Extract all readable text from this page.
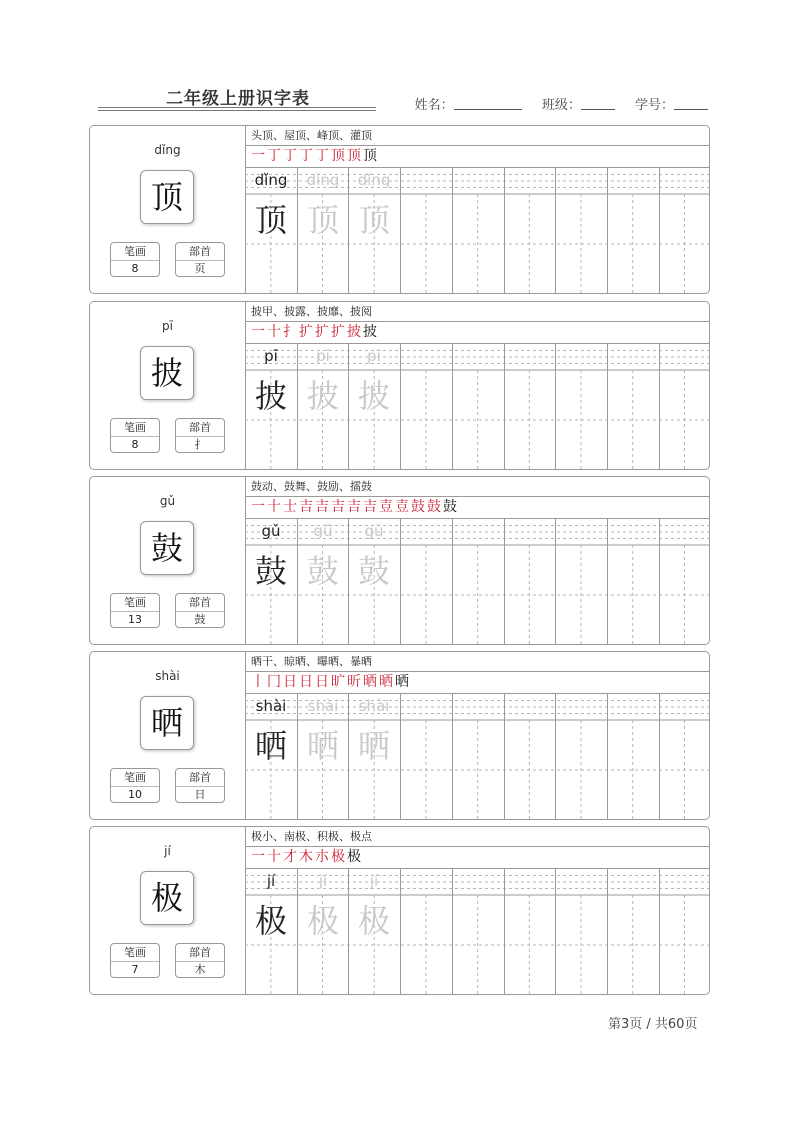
二年级上册识字表	姓名：	班级：	学号：
dǐng
顶
笔画
8
部首
页
头顶、屋顶、峰顶、灌顶
一 丁 丁 丁 丁 顶 顶 顶
dǐng	dǐng	dǐng
顶 顶 顶
pī
披
笔画
8
部首
扌
披甲、披露、披靡、披阅
一 十 扌 扩 扩 扩 披 披
pī	pī	pī
披 披 披
gǔ
鼓
笔画
13
部首
鼓
鼓动、鼓舞、鼓励、擂鼓
一 十 士 吉 吉 吉 吉 吉 壴 壴 鼓 鼓 鼓
gǔ	gǔ	gǔ
鼓 鼓 鼓
shài
晒
笔画
10
部首
日
晒干、晾晒、曝晒、暴晒
丨 冂 日 日 日 旷 昕 晒 晒 晒
shài	shài	shài
晒 晒 晒
jí
极
笔画
7
部首
木
极小、南极、积极、极点
一 十 才 木 朩 极 极
jí	jí	jí
极 极 极
第3页 / 共60页
